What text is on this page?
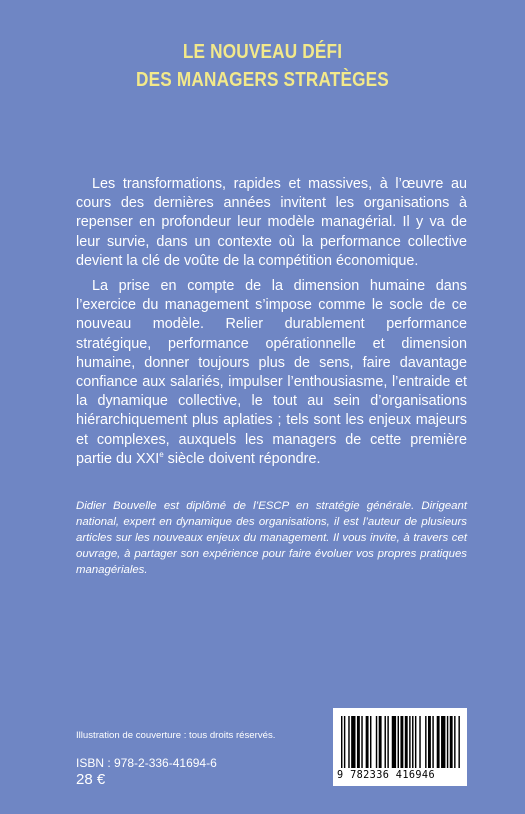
LE NOUVEAU DÉFI
DES MANAGERS STRATÈGES
Les transformations, rapides et massives, à l’œuvre au cours des dernières années invitent les organisations à repenser en profondeur leur modèle managérial. Il y va de leur survie, dans un contexte où la performance collective devient la clé de voûte de la compétition économique.
La prise en compte de la dimension humaine dans l’exercice du management s’impose comme le socle de ce nouveau modèle. Relier durablement performance stratégique, performance opérationnelle et dimension humaine, donner toujours plus de sens, faire davantage confiance aux salariés, impulser l’enthousiasme, l’entraide et la dynamique collective, le tout au sein d’organisations hiérarchiquement plus aplaties ; tels sont les enjeux majeurs et complexes, auxquels les managers de cette première partie du XXIe siècle doivent répondre.
Didier Bouvelle est diplômé de l’ESCP en stratégie générale. Dirigeant national, expert en dynamique des organisations, il est l’auteur de plusieurs articles sur les nouveaux enjeux du management. Il vous invite, à travers cet ouvrage, à partager son expérience pour faire évoluer vos propres pratiques managériales.
Illustration de couverture : tous droits réservés.
ISBN : 978-2-336-41694-6
28 €	9 782336 416946
